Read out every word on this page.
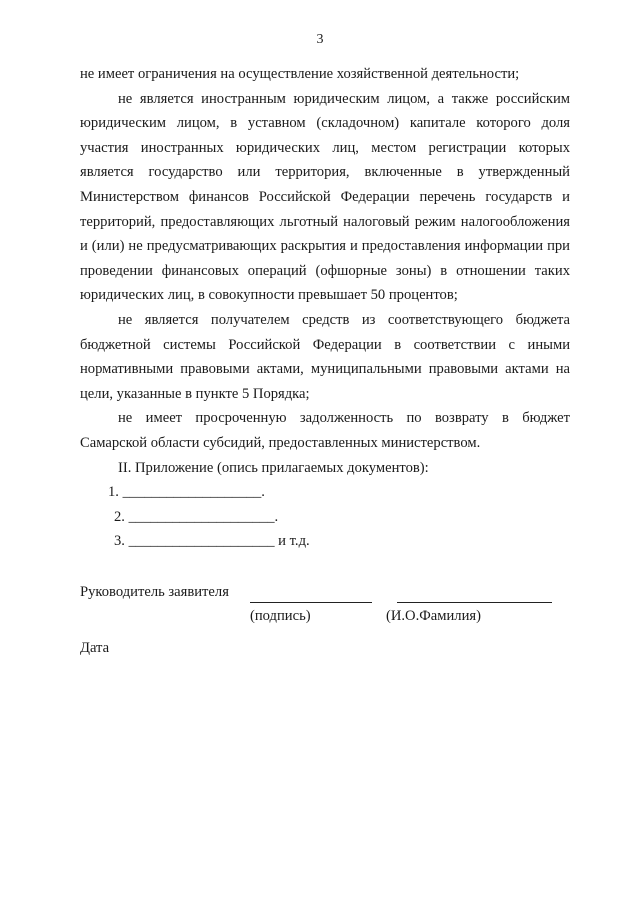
3

не имеет ограничения на осуществление хозяйственной деятельности;

не является иностранным юридическим лицом, а также российским юридическим лицом, в уставном (складочном) капитале которого доля участия иностранных юридических лиц, местом регистрации которых является государство или территория, включенные в утвержденный Министерством финансов Российской Федерации перечень государств и территорий, предоставляющих льготный налоговый режим налогообложения и (или) не предусматривающих раскрытия и предоставления информации при проведении финансовых операций (офшорные зоны) в отношении таких юридических лиц, в совокупности превышает 50 процентов;

не является получателем средств из соответствующего бюджета бюджетной системы Российской Федерации в соответствии с иными нормативными правовыми актами, муниципальными правовыми актами на цели, указанные в пункте 5 Порядка;

не имеет просроченную задолженность по возврату в бюджет Самарской области субсидий, предоставленных министерством.

II. Приложение (опись прилагаемых документов):

1. ___________________.
2. ____________________.
3. ____________________ и т.д.
Руководитель заявителя
(подпись)	(И.О.Фамилия)
Дата
